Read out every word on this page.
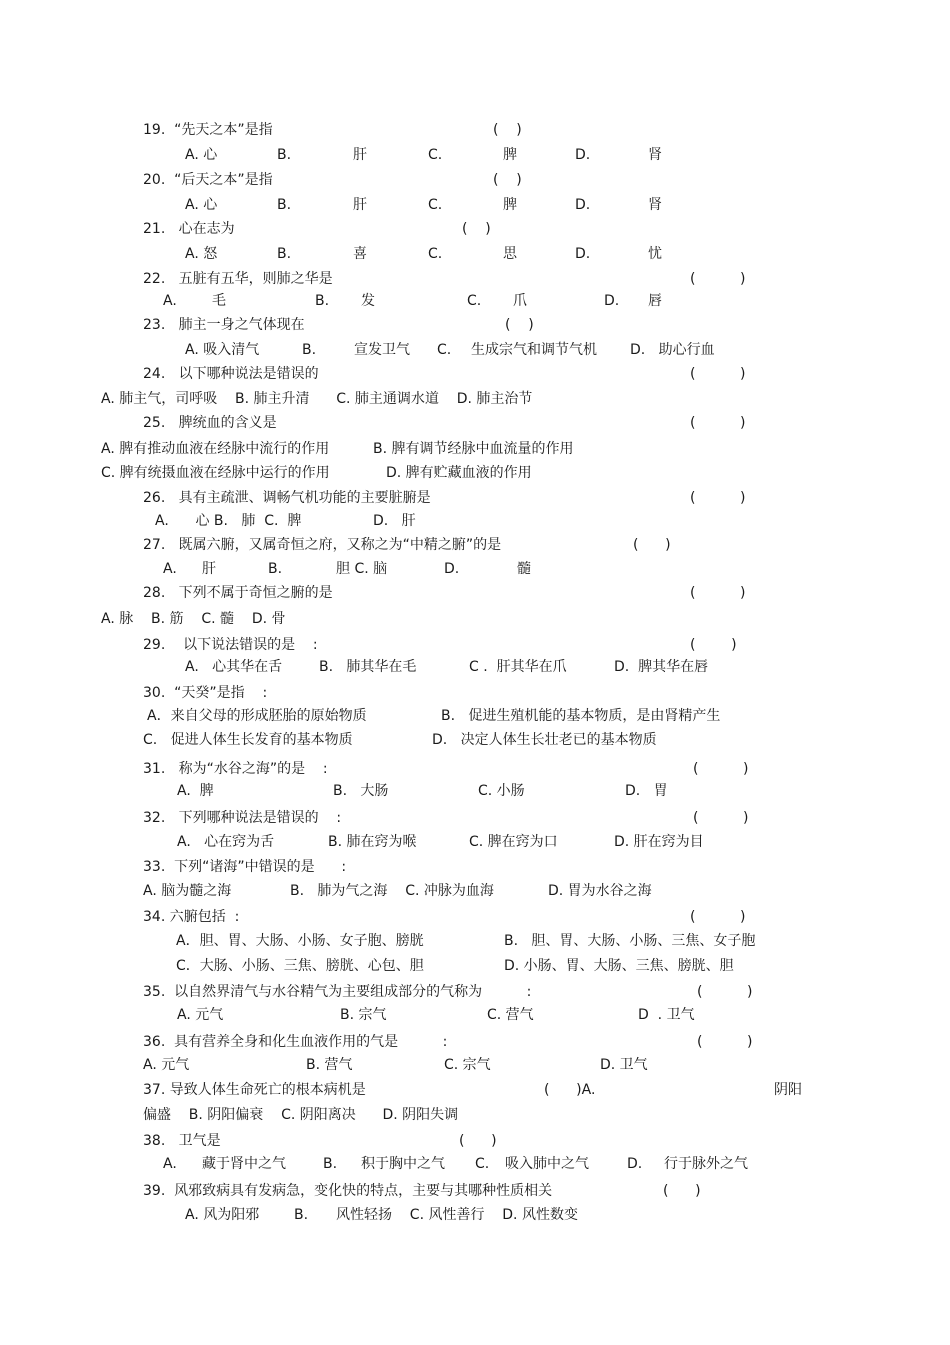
19.  “先天之本”是指	(    )
A. 心	B.	肝	C.	脾	D.	肾
20.  “后天之本”是指	(    )
A. 心	B.	肝	C.	脾	D.	肾
21.   心在志为	(    )
A. 怒	B.	喜	C.	思	D.	忧
22.   五脏有五华，则肺之华是	(          )
A.	毛	B. 发	C. 爪	D. 唇
23.   肺主一身之气体现在	(    )
A. 吸入清气	B.	宣发卫气 C. 生成宗气和调节气机 D.   助心行血
24.   以下哪种说法是错误的	(          )
A. 肺主气，司呼吸    B. 肺主升清      C. 肺主通调水道    D. 肺主治节
25.   脾统血的含义是	(          )
A. 脾有推动血液在经脉中流行的作用	B. 脾有调节经脉中血流量的作用
C. 脾有统摄血液在经脉中运行的作用	D. 脾有贮藏血液的作用
26.   具有主疏泄、调畅气机功能的主要脏腑是	(          )
A.      心 B.   肺  C.  脾	D.   肝
27.   既属六腑，又属奇恒之府，又称之为“中精之腑”的是	(      )
A. 肝	B.	胆 C. 脑	D.	髓
28.   下列不属于奇恒之腑的是	(          )
A. 脉    B. 筋    C. 髓    D. 骨
29.    以下说法错误的是    :	(        )
A.   心其华在舌	B.   肺其华在毛	C .  肝其华在爪	D.  脾其华在唇
30.  “天癸”是指    :
A．来自父母的形成胚胎的原始物质	B.   促进生殖机能的基本物质，是由肾精产生
C.   促进人体生长发育的基本物质	D.   决定人体生长壮老已的基本物质
31.   称为“水谷之海”的是    :	(          )
A.  脾	B.   大肠	C. 小肠	D.   胃
32.   下列哪种说法是错误的    :	(          )
A.   心在窍为舌	B. 肺在窍为喉	C. 脾在窍为口	D. 肝在窍为目
33.  下列“诸海”中错误的是      :
A. 脑为髓之海	B.   肺为气之海    C. 冲脉为血海	D. 胃为水谷之海
34. 六腑包括  :	(          )
A．胆、胃、大肠、小肠、女子胞、膀胱	B.   胆、胃、大肠、小肠、三焦、女子胞
C．大肠、小肠、三焦、膀胱、心包、胆	D. 小肠、胃、大肠、三焦、膀胱、胆
35.  以自然界清气与水谷精气为主要组成部分的气称为          :	(          )
A. 元气	B. 宗气	C. 营气	D  . 卫气
36.  具有营养全身和化生血液作用的气是          :	(          )
A. 元气	B. 营气	C. 宗气	D. 卫气
37. 导致人体生命死亡的根本病机是	(      )A.	阴阳
偏盛    B. 阴阳偏衰    C. 阴阳离决      D. 阴阳失调
38.   卫气是	(      )
A. 藏于肾中之气	B. 积于胸中之气 C. 吸入肺中之气	D. 行于脉外之气
39.  风邪致病具有发病急，变化快的特点，主要与其哪种性质相关	(      )
A. 风为阳邪 B. 风性轻扬    C. 风性善行    D. 风性数变
